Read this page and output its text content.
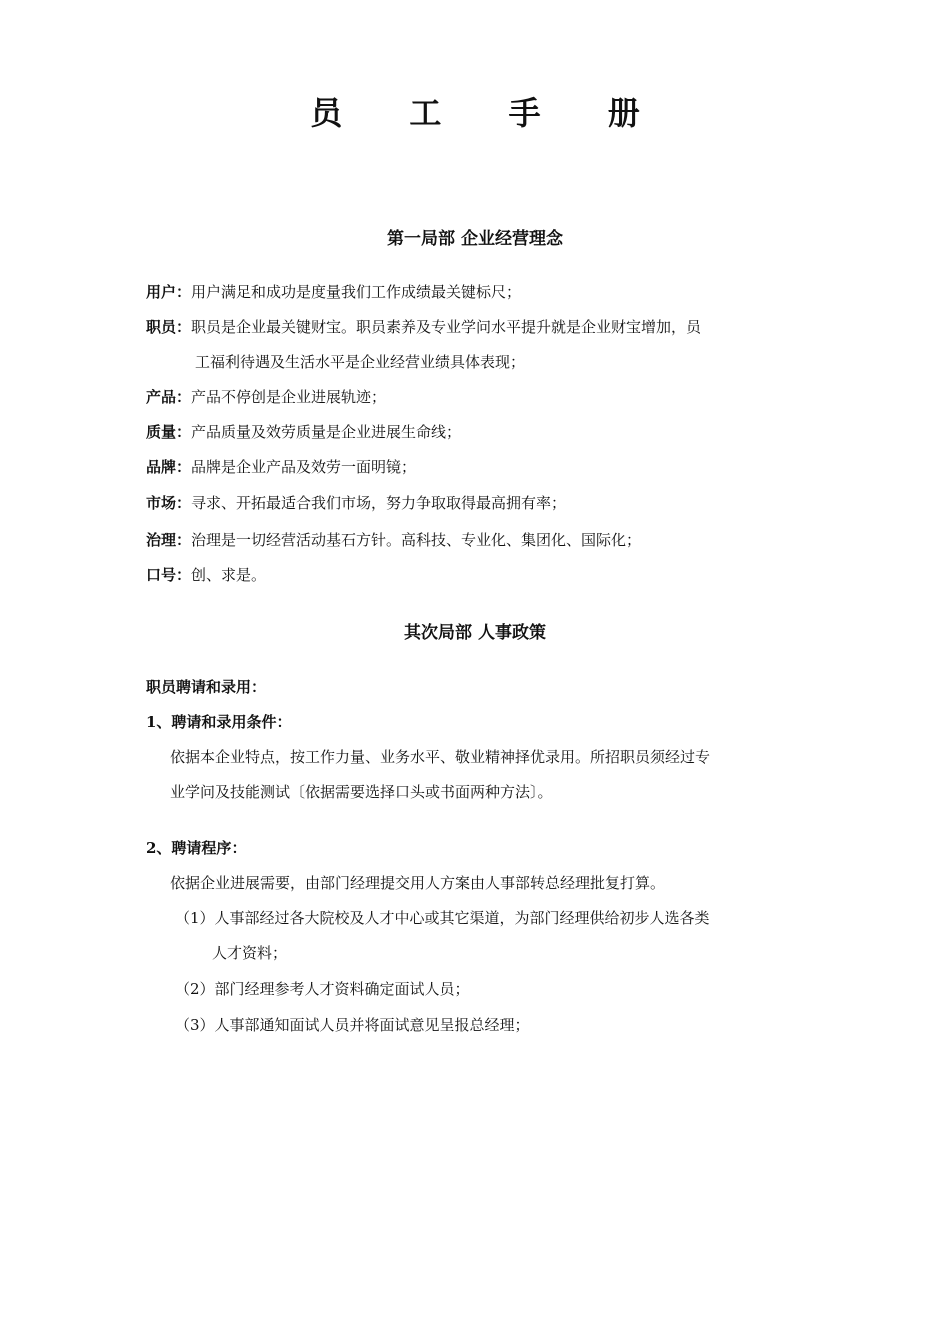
员 工 手 册
第一局部 企业经营理念
用户：用户满足和成功是度量我们工作成绩最关键标尺；
职员：职员是企业最关键财宝。职员素养及专业学问水平提升就是企业财宝增加，员
工福利待遇及生活水平是企业经营业绩具体表现；
产品：产品不停创是企业进展轨迹；
质量：产品质量及效劳质量是企业进展生命线；
品牌：品牌是企业产品及效劳一面明镜；
市场：寻求、开拓最适合我们市场，努力争取取得最高拥有率；
治理：治理是一切经营活动基石方针。高科技、专业化、集团化、国际化；
口号：创、求是。
其次局部 人事政策
职员聘请和录用：
1、聘请和录用条件：
依据本企业特点，按工作力量、业务水平、敬业精神择优录用。所招职员须经过专
业学问及技能测试〔依据需要选择口头或书面两种方法〕。
2、聘请程序：
依据企业进展需要，由部门经理提交用人方案由人事部转总经理批复打算。
（1）人事部经过各大院校及人才中心或其它渠道，为部门经理供给初步人选各类
人才资料；
（2）部门经理参考人才资料确定面试人员；
（3）人事部通知面试人员并将面试意见呈报总经理；
